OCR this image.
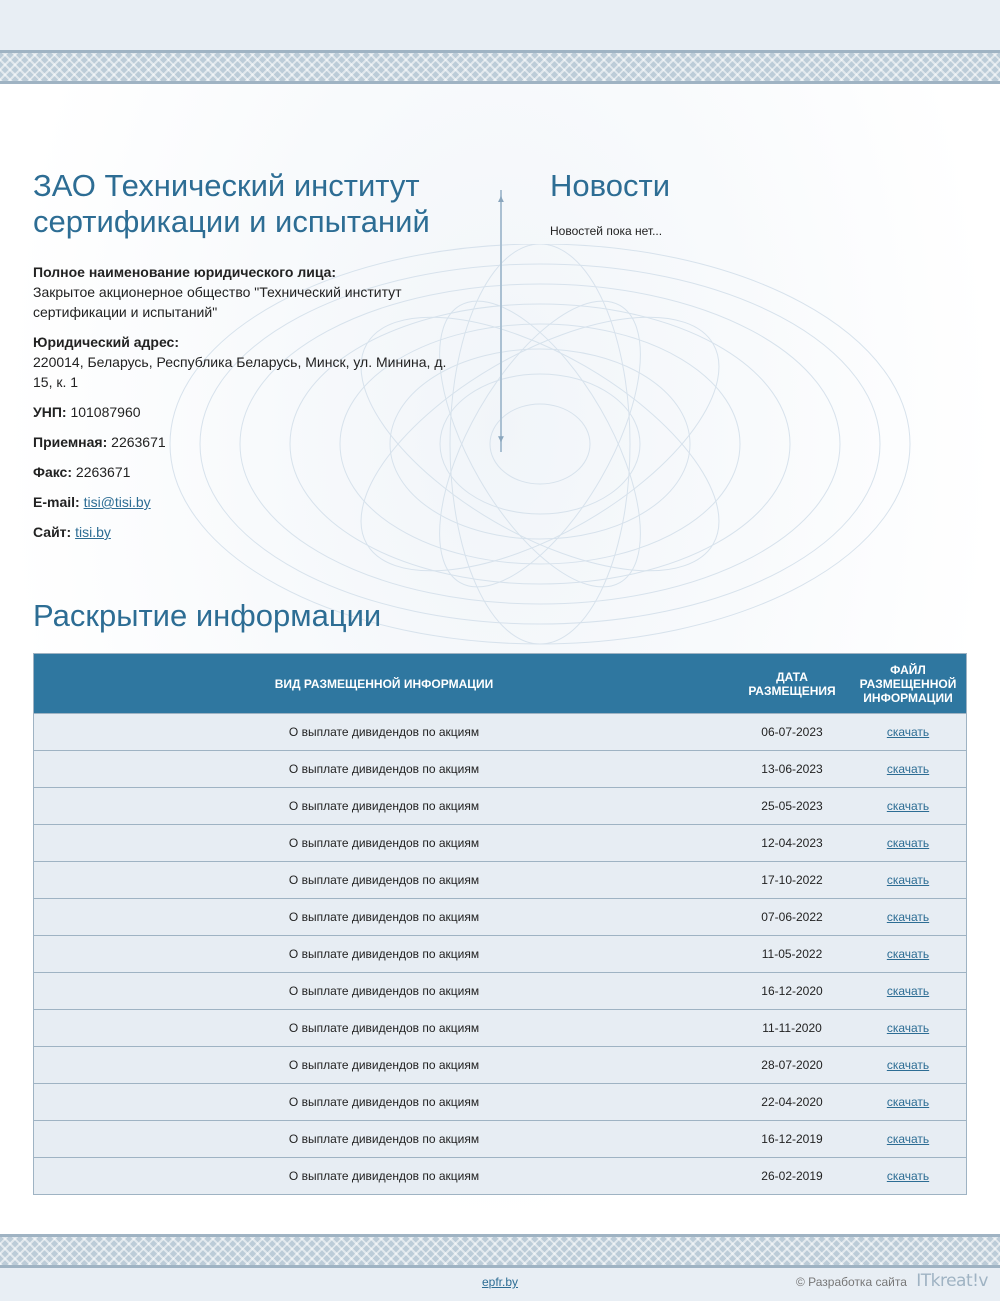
ЗАО Технический институт сертификации и испытаний
Полное наименование юридического лица:
Закрытое акционерное общество "Технический институт сертификации и испытаний"
Юридический адрес:
220014, Беларусь, Республика Беларусь, Минск, ул. Минина, д. 15, к. 1
УНП: 101087960
Приемная: 2263671
Факс: 2263671
E-mail: tisi@tisi.by
Сайт: tisi.by
▲
▼
Новости
Новостей пока нет...
Раскрытие информации
ВИД РАЗМЕЩЕННОЙ ИНФОРМАЦИИ	ДАТА РАЗМЕЩЕНИЯ	ФАЙЛ РАЗМЕЩЕННОЙ ИНФОРМАЦИИ
О выплате дивидендов по акциям	06-07-2023	скачать
О выплате дивидендов по акциям	13-06-2023	скачать
О выплате дивидендов по акциям	25-05-2023	скачать
О выплате дивидендов по акциям	12-04-2023	скачать
О выплате дивидендов по акциям	17-10-2022	скачать
О выплате дивидендов по акциям	07-06-2022	скачать
О выплате дивидендов по акциям	11-05-2022	скачать
О выплате дивидендов по акциям	16-12-2020	скачать
О выплате дивидендов по акциям	11-11-2020	скачать
О выплате дивидендов по акциям	28-07-2020	скачать
О выплате дивидендов по акциям	22-04-2020	скачать
О выплате дивидендов по акциям	16-12-2019	скачать
О выплате дивидендов по акциям	26-02-2019	скачать
epfr.by	© Разработка сайта ITkreat!v
